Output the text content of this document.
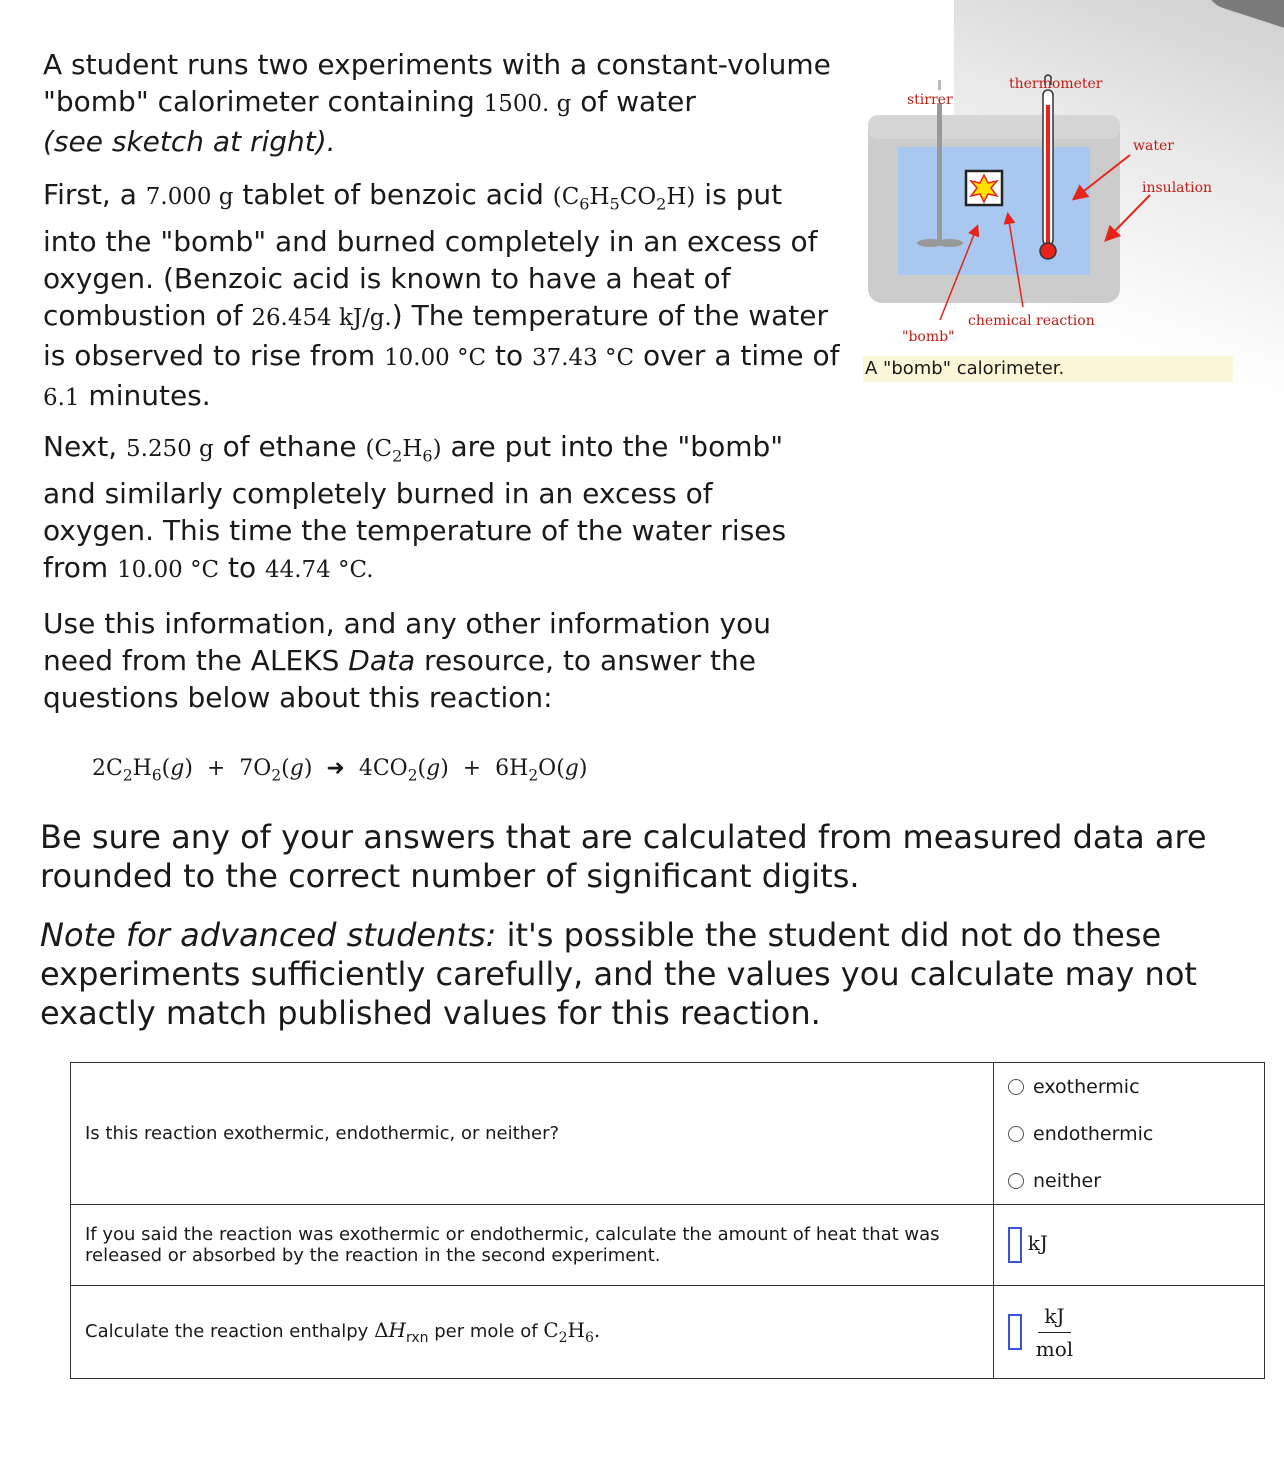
A student runs two experiments with a constant-volume "bomb" calorimeter containing 1500. g of water
(see sketch at right).

First, a 7.000 g tablet of benzoic acid $(C_6H_5CO_2H)$ is put into the "bomb" and burned completely in an excess of oxygen. (Benzoic acid is known to have a heat of combustion of 26.454 kJ/g.) The temperature of the water is observed to rise from 10.00 °C to 37.43 °C over a time of 6.1 minutes.

Next, 5.250 g of ethane $(C_2H_6)$ are put into the "bomb" and similarly completely burned in an excess of oxygen. This time the temperature of the water rises from 10.00 °C to 44.74 °C.

Use this information, and any other information you need from the ALEKS Data resource, to answer the questions below about this reaction:

$2C_2H_6(g) + 7O_2(g)$  ➜  $4CO_2(g) + 6H_2O(g)$
Be sure any of your answers that are calculated from measured data are rounded to the correct number of significant digits.
Note for advanced students: it's possible the student did not do these experiments sufficiently carefully, and the values you calculate may not exactly match published values for this reaction.
stirrer
thermometer
water
insulation
chemical reaction
"bomb"
A "bomb" calorimeter.
Is this reaction exothermic, endothermic, or neither?	exothermic
endothermic
neither

If you said the reaction was exothermic or endothermic, calculate the amount of heat that was released or absorbed by the reaction in the second experiment.	kJ
Calculate the reaction enthalpy $\Delta H_{rxn}$ per mole of $C_2H_6$.	$\frac{kJ}{\text{mol}}$
